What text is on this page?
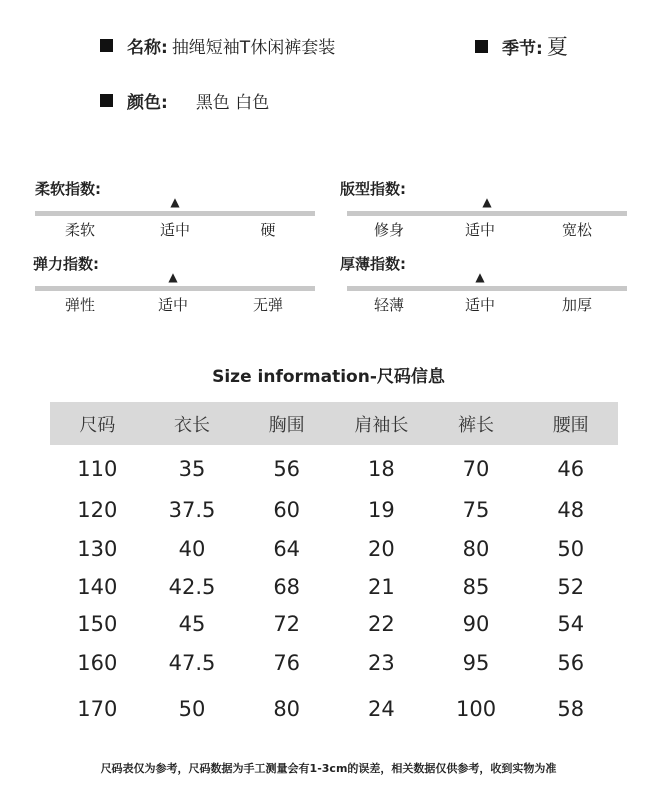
名称: 抽绳短袖T休闲裤套装	季节: 夏
颜色: 黑色 白色
柔软指数:
▲
柔软	适中	硬
版型指数:
▲
修身	适中	宽松
弹力指数:
▲
弹性	适中	无弹
厚薄指数:
▲
轻薄	适中	加厚
Size information-尺码信息
尺码	衣长	胸围	肩袖长	裤长	腰围
110	35	56	18	70	46
120	37.5	60	19	75	48
130	40	64	20	80	50
140	42.5	68	21	85	52
150	45	72	22	90	54
160	47.5	76	23	95	56
170	50	80	24	100	58
尺码表仅为参考，尺码数据为手工测量会有1-3cm的误差，相关数据仅供参考，收到实物为准
